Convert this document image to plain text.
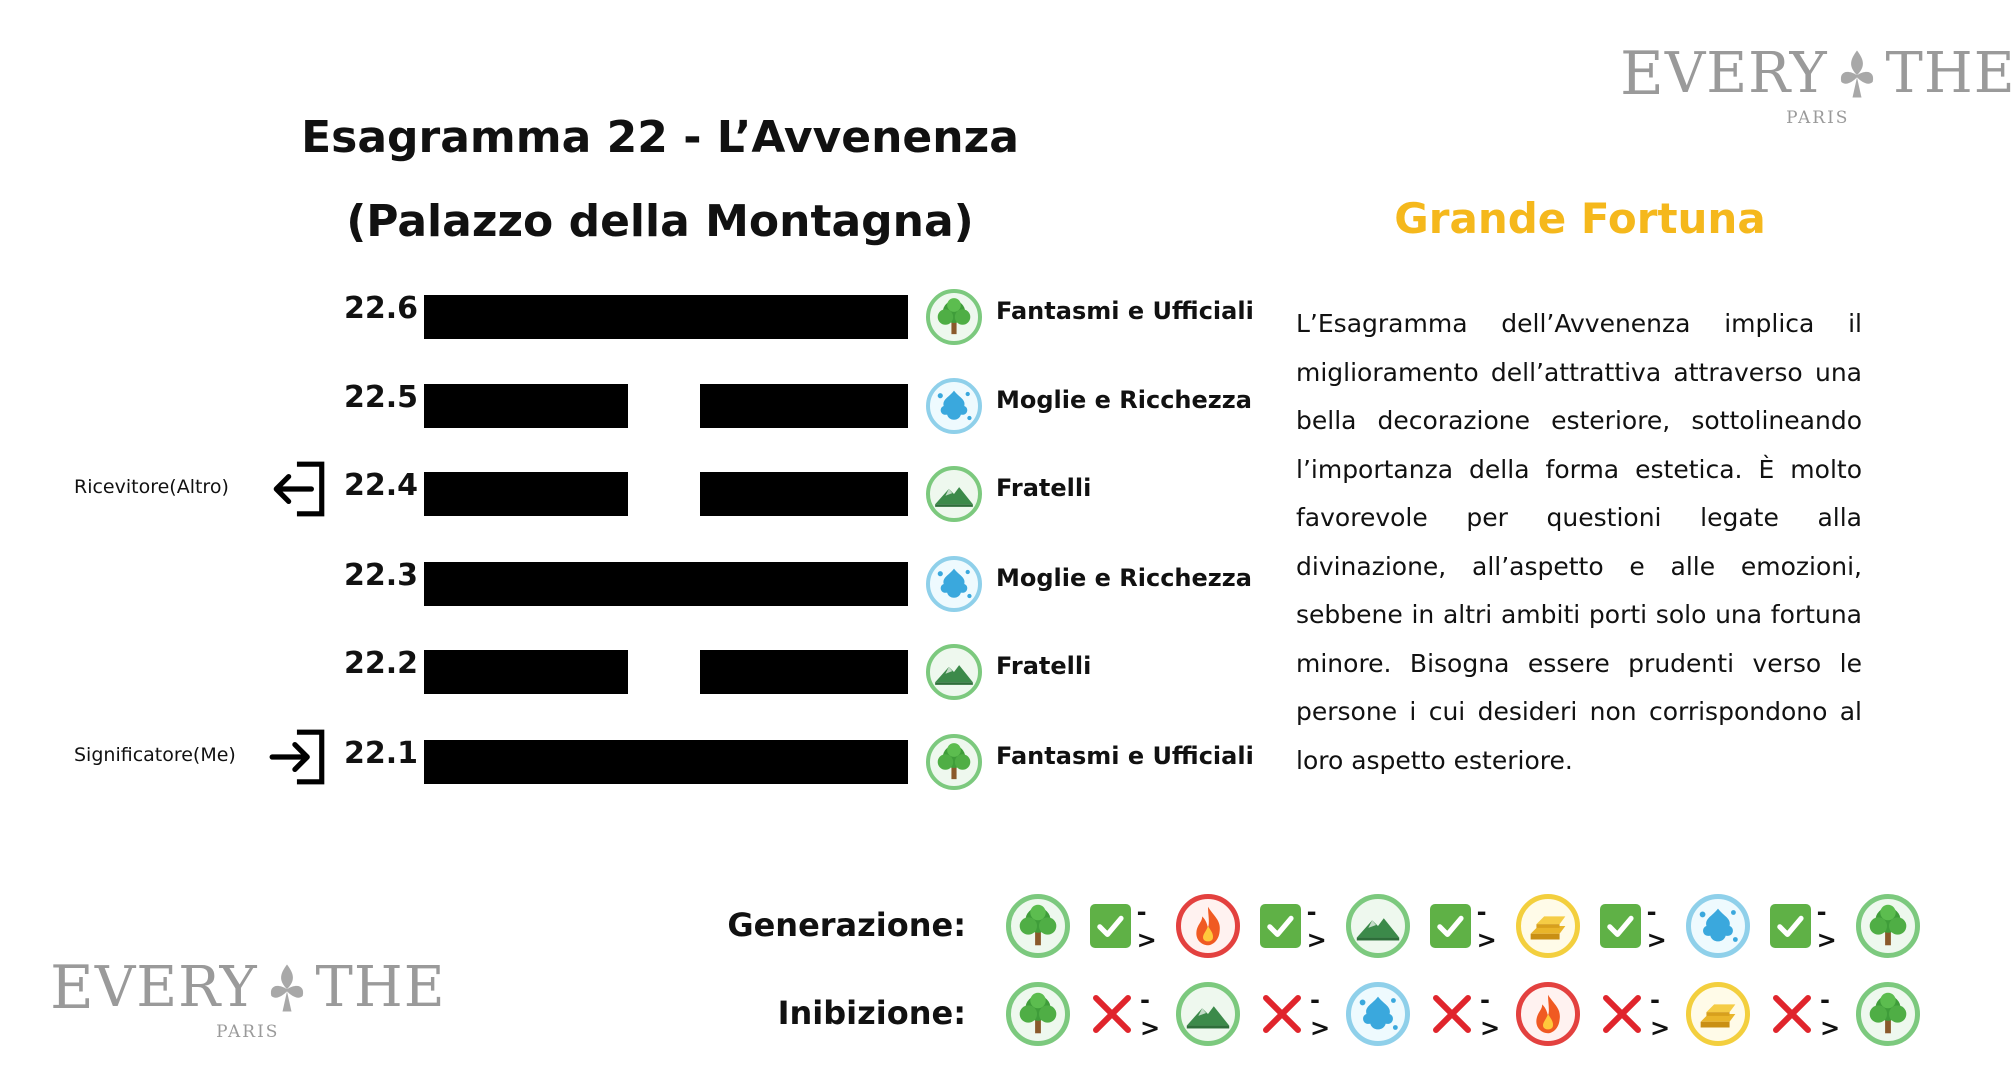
E VERY THE
PARIS
E VERY THE
PARIS
Esagramma 22 - L’Avvenenza
(Palazzo della Montagna)
22.6	Fantasmi e Ufficiali
22.5	Moglie e Ricchezza
22.4	Fratelli
22.3	Moglie e Ricchezza
22.2	Fratelli
22.1	Fantasmi e Ufficiali
Ricevitore(Altro)
Significatore(Me)
Grande Fortuna
L’Esagramma dell’Avvenenza implica il miglioramento dell’attrattiva attraverso una bella decorazione esteriore, sottolineando l’importanza della forma estetica. È molto favorevole per questioni legate alla divinazione, all’aspetto e alle emozioni, sebbene in altri ambiti porti solo una fortuna minore. Bisogna essere prudenti verso le persone i cui desideri non corrispondono al loro aspetto esteriore.
Generazione:	->
->
->
->
->
Inibizione:	->
->
->
->
->
